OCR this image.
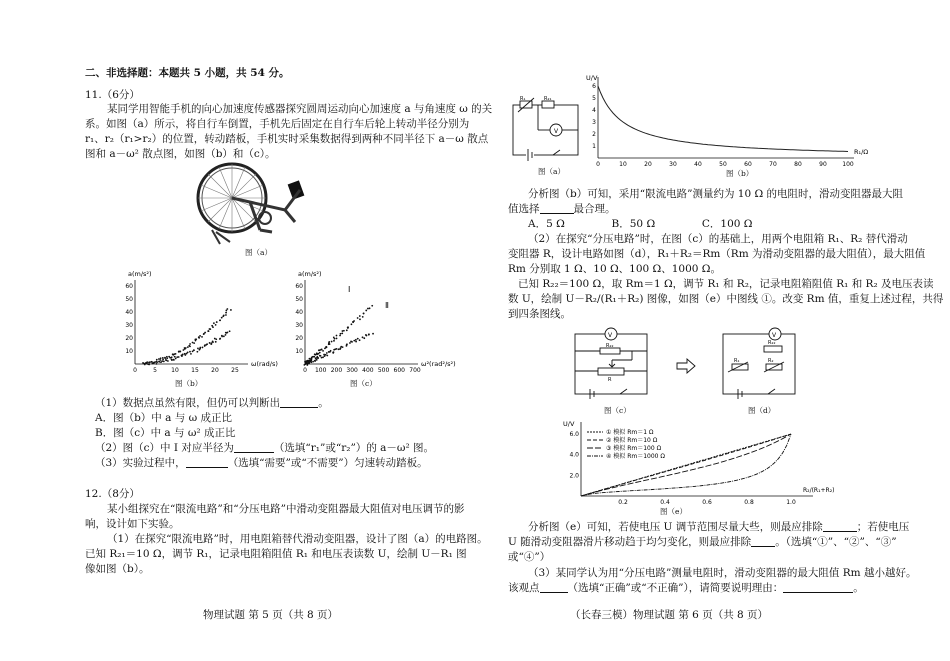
二、非选择题：本题共 5 小题，共 54 分。
11.（6分）
某同学用智能手机的向心加速度传感器探究圆周运动向心加速度 a 与角速度 ω 的关
系。如图（a）所示，将自行车倒置，手机先后固定在自行车后轮上转动半径分别为
r₁、r₂（r₁>r₂）的位置，转动踏板，手机实时采集数据得到两种不同半径下 a－ω 散点
图和 a－ω² 散点图，如图（b）和（c）。
图（a）
a(m/s²)
ω(rad/s)
60
50
40
30
20
10
0	5 10 15 20 25
图（b）
a(m/s²)
ω²(rad²/s²)
Ⅰ
Ⅱ
60
50
40
30
20
10
0 100 200 300 400 500 600 700
图（c）
（1）数据点虽然有限，但仍可以判断出	。
A．图（b）中 a 与 ω 成正比
B．图（c）中 a 与 ω² 成正比
（2）图（c）中 Ⅰ 对应半径为	（选填“r₁”或“r₂”）的 a－ω² 图。
（3）实验过程中，	（选填“需要”或“不需要”）匀速转动踏板。
12.（8分）
某小组探究在“限流电路”和“分压电路”中滑动变阻器最大阻值对电压调节的影
响，设计如下实验。
（1）在探究“限流电路”时，用电阻箱替代滑动变阻器，设计了图（a）的电路图。
已知 R₂₁＝10 Ω，调节 R₁，记录电阻箱阻值 R₁ 和电压表读数 U，绘制 U－R₁ 图
像如图（b）。
物理试题 第 5 页（共 8 页）
V
R₁	R₂₁
图（a）
U/V
R₁/Ω
6
5
4
3
2
1
0	10	20	30	40	50	60	70	80	90	100
图（b）
分析图（b）可知，采用“限流电路”测量约为 10 Ω 的电阻时，滑动变阻器最大阻
值选择	最合理。
A．5 Ω              B．50 Ω              C．100 Ω
（2）在探究“分压电路”时，在图（c）的基础上，用两个电阻箱 R₁、R₂ 替代滑动
变阻器 R，设计电路如图（d），R₁＋R₂＝Rm（Rm 为滑动变阻器的最大阻值），最大阻值
Rm 分别取 1 Ω、10 Ω、100 Ω、1000 Ω。
已知 R₂₂＝100 Ω，取 Rm＝1 Ω，调节 R₁ 和 R₂，记录电阻箱阻值 R₁ 和 R₂ 及电压表读
数 U，绘制 U－R₂/(R₁＋R₂) 图像，如图（e）中图线 ①。改变 Rm 值，重复上述过程，共得
到四条图线。
V
R₂₂
R
图（c）
V
R₂₂
R₁	R₂
图（d）
U/V
R₂/(R₁+R₂)
6.0
4.0
2.0
0.2	0.4	0.6	0.8	1.0
① 模拟 Rm＝1 Ω
② 模拟 Rm＝10 Ω
③ 模拟 Rm＝100 Ω
④ 模拟 Rm＝1000 Ω
图（e）
分析图（e）可知，若使电压 U 调节范围尽量大些，则最应排除	；若使电压
U 随滑动变阻器滑片移动趋于均匀变化，则最应排除 。（选填“①”、“②”、“③”
或“④”）
（3）某同学认为用“分压电路”测量电阻时，滑动变阻器的最大阻值 Rm 越小越好。
该观点	（选填“正确”或“不正确”），请简要说明理由：	。
（长春三模）物理试题 第 6 页（共 8 页）
